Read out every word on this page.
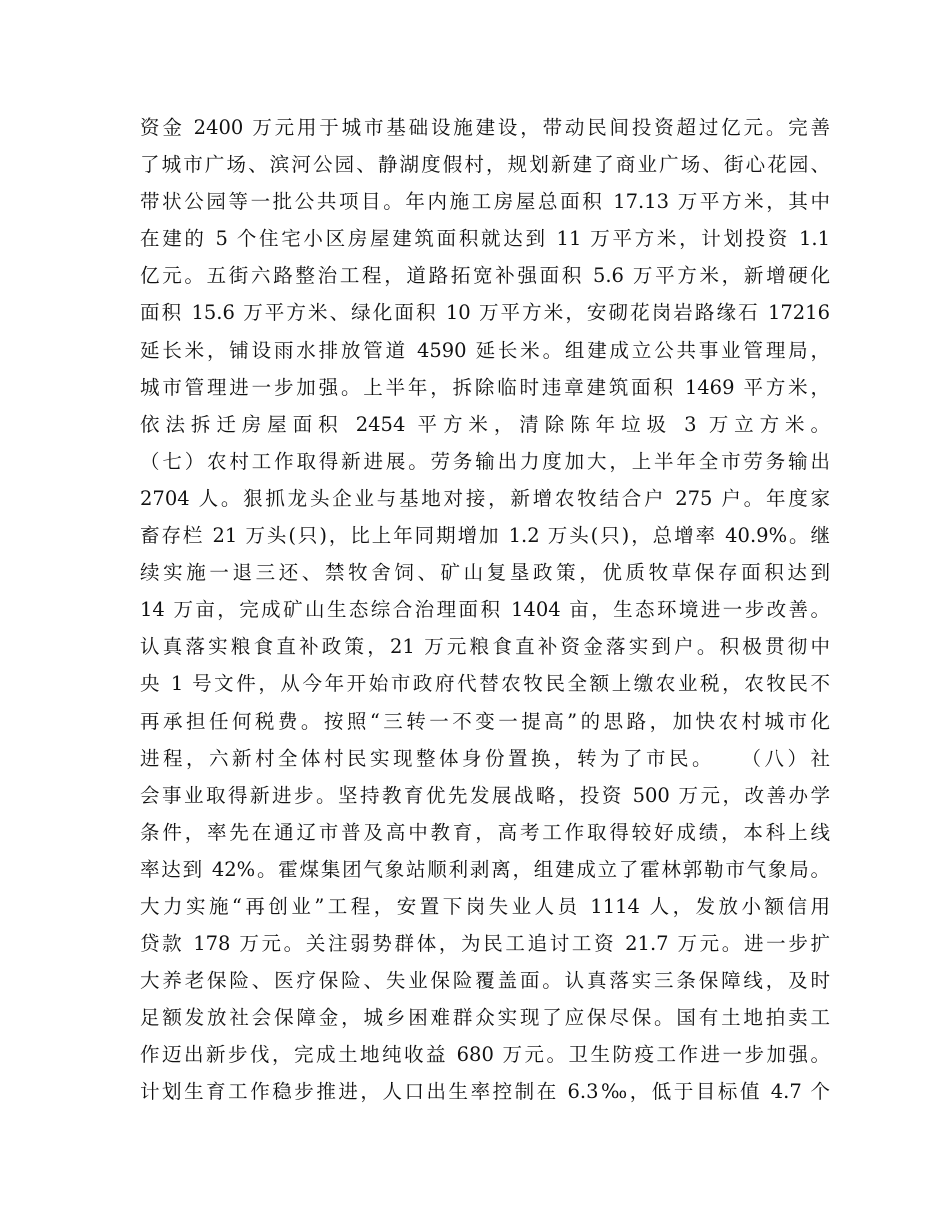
资金 2400 万元用于城市基础设施建设，带动民间投资超过亿元。完善
了城市广场、滨河公园、静湖度假村，规划新建了商业广场、街心花园、
带状公园等一批公共项目。年内施工房屋总面积 17.13 万平方米，其中
在建的 5 个住宅小区房屋建筑面积就达到 11 万平方米，计划投资 1.1
亿元。五街六路整治工程，道路拓宽补强面积 5.6 万平方米，新增硬化
面积 15.6 万平方米、绿化面积 10 万平方米，安砌花岗岩路缘石 17216
延长米，铺设雨水排放管道 4590 延长米。组建成立公共事业管理局，
城市管理进一步加强。上半年，拆除临时违章建筑面积 1469 平方米，
依法拆迁房屋面积 2454 平方米，清除陈年垃圾 3 万立方米。
（七）农村工作取得新进展。劳务输出力度加大，上半年全市劳务输出
2704 人。狠抓龙头企业与基地对接，新增农牧结合户 275 户。年度家
畜存栏 21 万头(只)，比上年同期增加 1.2 万头(只)，总增率 40.9%。继
续实施一退三还、禁牧舍饲、矿山复垦政策，优质牧草保存面积达到
14 万亩，完成矿山生态综合治理面积 1404 亩，生态环境进一步改善。
认真落实粮食直补政策，21 万元粮食直补资金落实到户。积极贯彻中
央 1 号文件，从今年开始市政府代替农牧民全额上缴农业税，农牧民不
再承担任何税费。按照“三转一不变一提高”的思路，加快农村城市化
进程，六新村全体村民实现整体身份置换，转为了市民。　　（八）社
会事业取得新进步。坚持教育优先发展战略，投资 500 万元，改善办学
条件，率先在通辽市普及高中教育，高考工作取得较好成绩，本科上线
率达到 42%。霍煤集团气象站顺利剥离，组建成立了霍林郭勒市气象局。
大力实施“再创业”工程，安置下岗失业人员 1114 人，发放小额信用
贷款 178 万元。关注弱势群体，为民工追讨工资 21.7 万元。进一步扩
大养老保险、医疗保险、失业保险覆盖面。认真落实三条保障线，及时
足额发放社会保障金，城乡困难群众实现了应保尽保。国有土地拍卖工
作迈出新步伐，完成土地纯收益 680 万元。卫生防疫工作进一步加强。
计划生育工作稳步推进，人口出生率控制在 6.3‰，低于目标值 4.7 个
